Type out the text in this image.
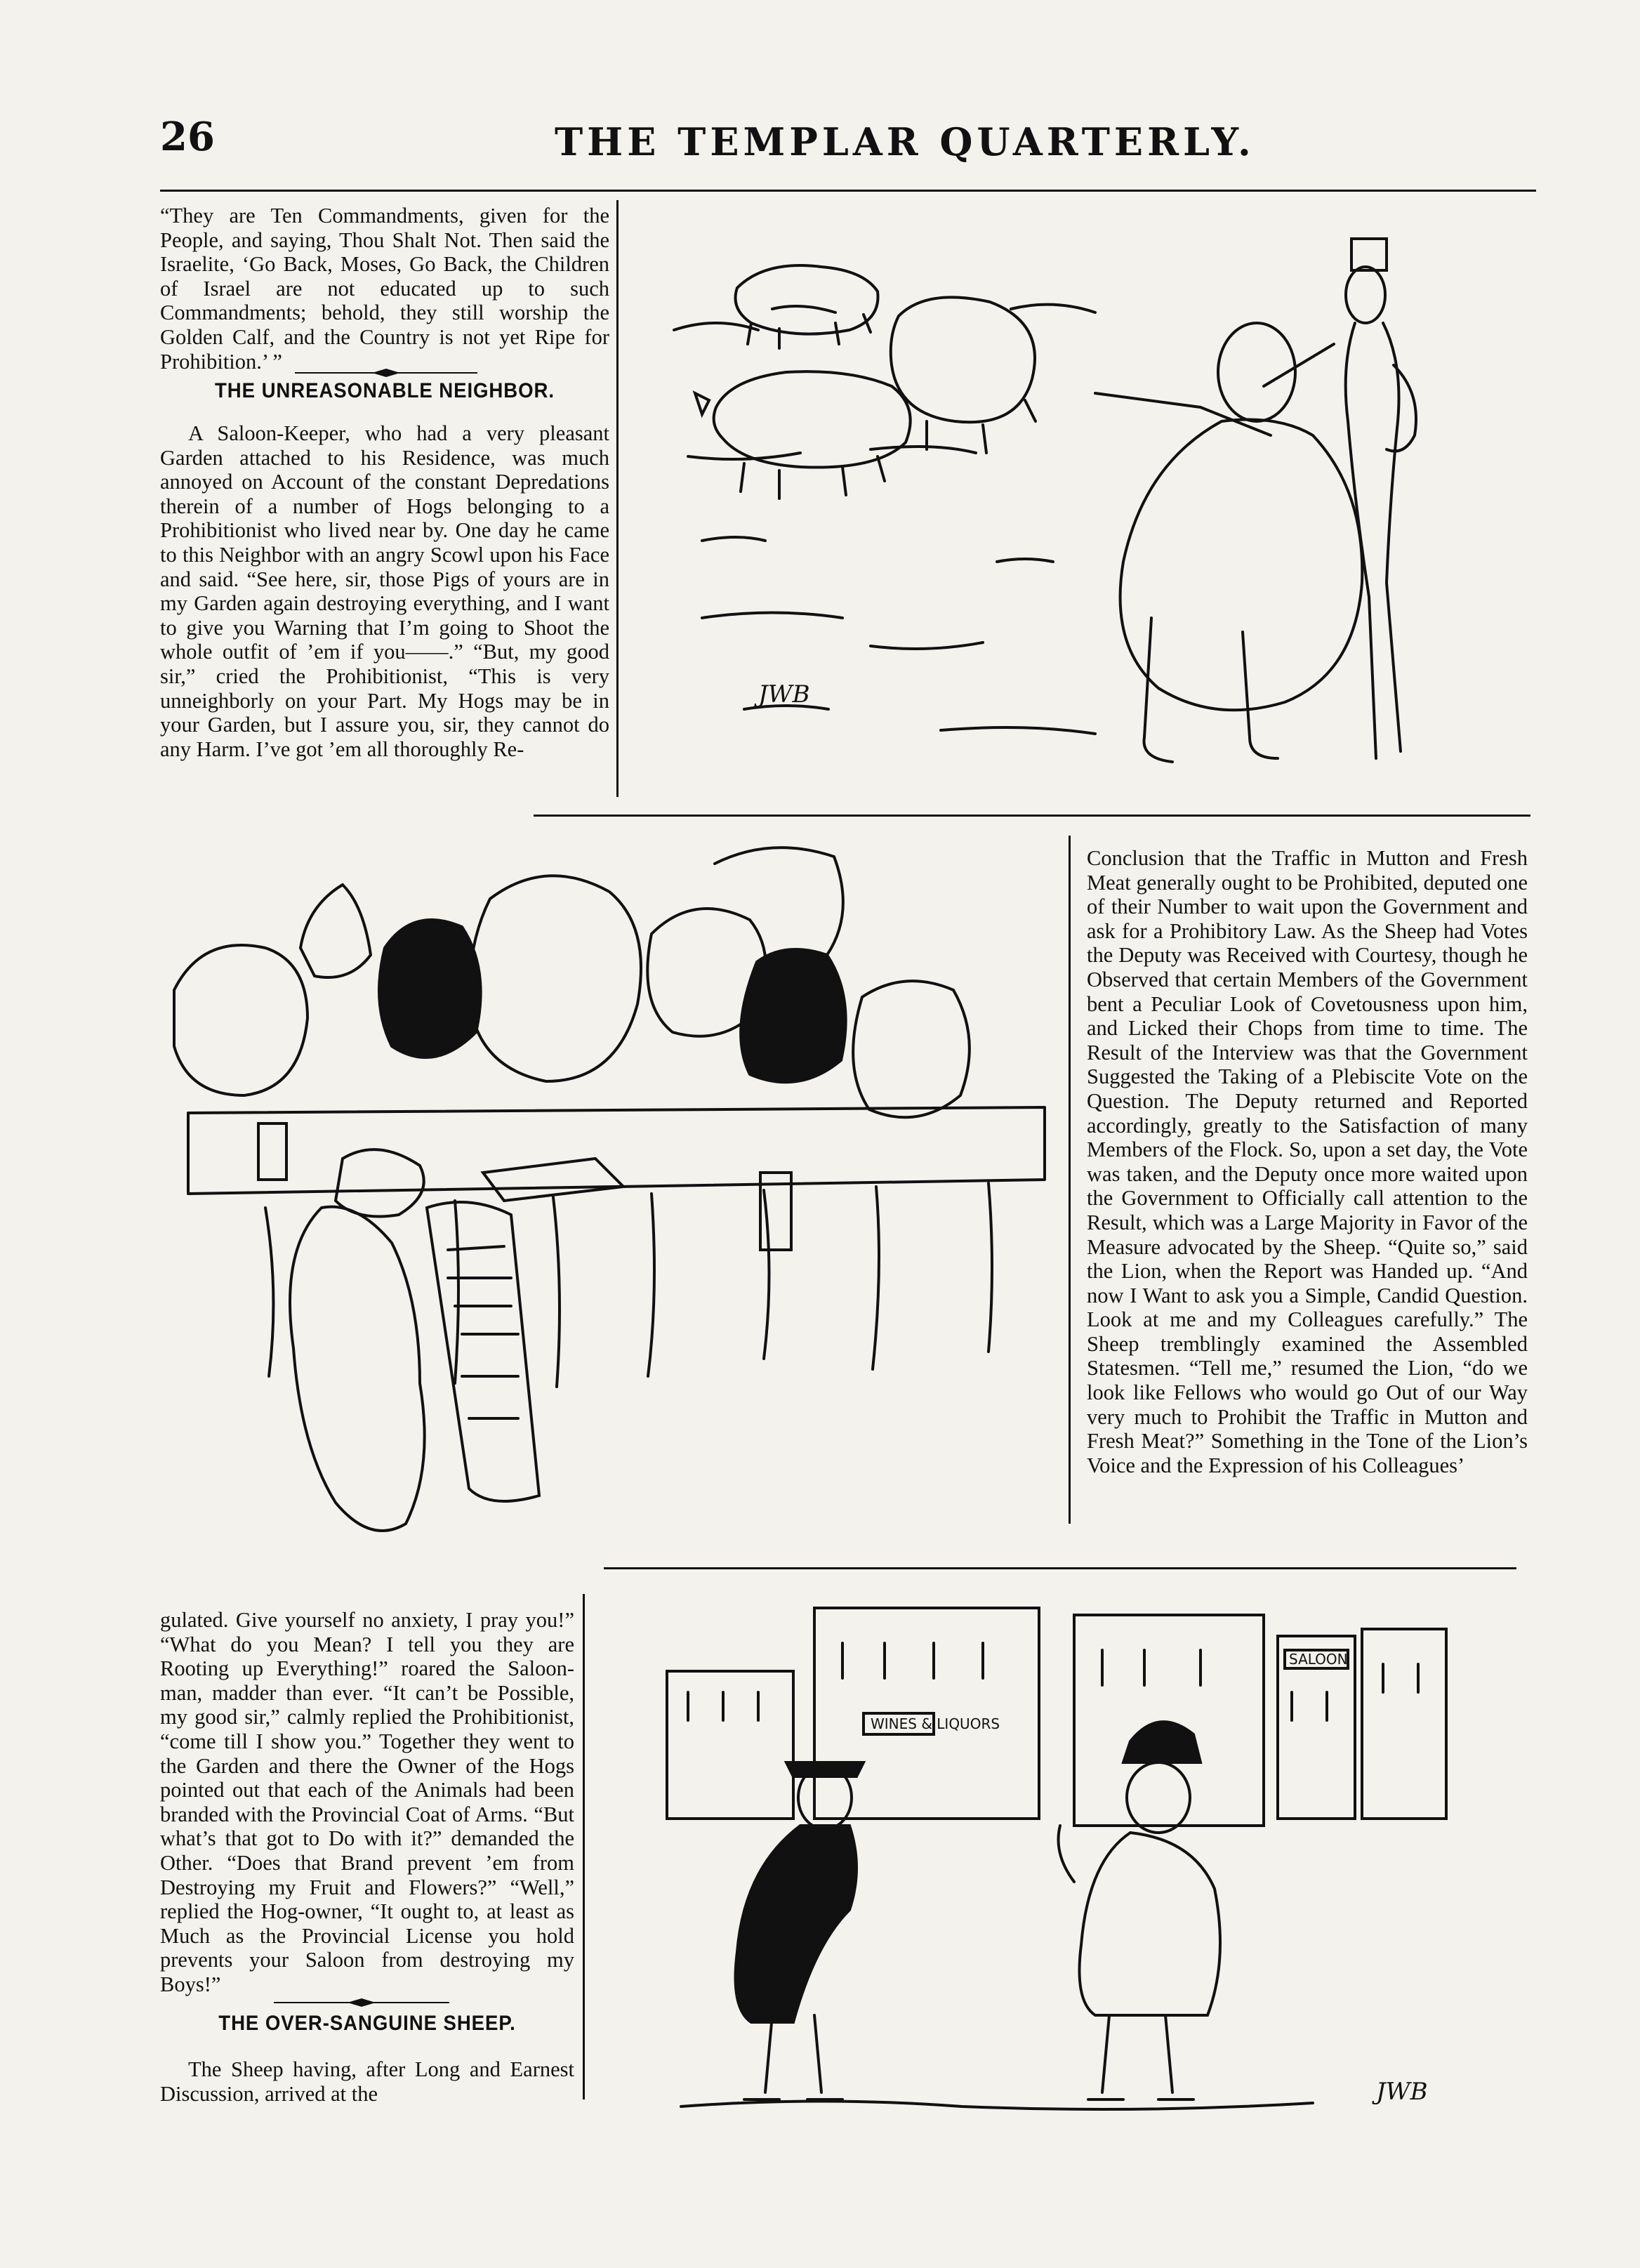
26	THE TEMPLAR QUARTERLY.

“They are Ten Commandments, given for the People, and saying, Thou Shalt Not. Then said the Israelite, ‘Go Back, Moses, Go Back, the Children of Israel are not educated up to such Commandments; behold, they still worship the Golden Calf, and the Country is not yet Ripe for Prohibition.’ ”

THE UNREASONABLE NEIGHBOR.

A Saloon-Keeper, who had a very pleasant Garden attached to his Residence, was much annoyed on Account of the constant Depredations therein of a number of Hogs belonging to a Prohibitionist who lived near by. One day he came to this Neighbor with an angry Scowl upon his Face and said. “See here, sir, those Pigs of yours are in my Garden again destroying everything, and I want to give you Warning that I’m going to Shoot the whole outfit of ’em if you——.” “But, my good sir,” cried the Prohibitionist, “This is very unneighborly on your Part. My Hogs may be in your Garden, but I assure you, sir, they cannot do any Harm. I’ve got ’em all thoroughly Re-

JWB

Conclusion that the Traffic in Mutton and Fresh Meat generally ought to be Prohibited, deputed one of their Number to wait upon the Government and ask for a Prohibitory Law. As the Sheep had Votes the Deputy was Received with Courtesy, though he Observed that certain Members of the Government bent a Peculiar Look of Covetousness upon him, and Licked their Chops from time to time. The Result of the Interview was that the Government Suggested the Taking of a Plebiscite Vote on the Question. The Deputy returned and Reported accordingly, greatly to the Satisfaction of many Members of the Flock. So, upon a set day, the Vote was taken, and the Deputy once more waited upon the Government to Officially call attention to the Result, which was a Large Majority in Favor of the Measure advocated by the Sheep. “Quite so,” said the Lion, when the Report was Handed up. “And now I Want to ask you a Simple, Candid Question. Look at me and my Colleagues carefully.” The Sheep tremblingly examined the Assembled Statesmen. “Tell me,” resumed the Lion, “do we look like Fellows who would go Out of our Way very much to Prohibit the Traffic in Mutton and Fresh Meat?” Something in the Tone of the Lion’s Voice and the Expression of his Colleagues’

gulated. Give yourself no anxiety, I pray you!” “What do you Mean? I tell you they are Rooting up Everything!” roared the Saloon-man, madder than ever. “It can’t be Possible, my good sir,” calmly replied the Prohibitionist, “come till I show you.” Together they went to the Garden and there the Owner of the Hogs pointed out that each of the Animals had been branded with the Provincial Coat of Arms. “But what’s that got to Do with it?” demanded the Other. “Does that Brand prevent ’em from Destroying my Fruit and Flowers?” “Well,” replied the Hog-owner, “It ought to, at least as Much as the Provincial License you hold prevents your Saloon from destroying my Boys!”

THE OVER-SANGUINE SHEEP.

The Sheep having, after Long and Earnest Discussion, arrived at the

WINES & LIQUORS
SALOON
JWB
